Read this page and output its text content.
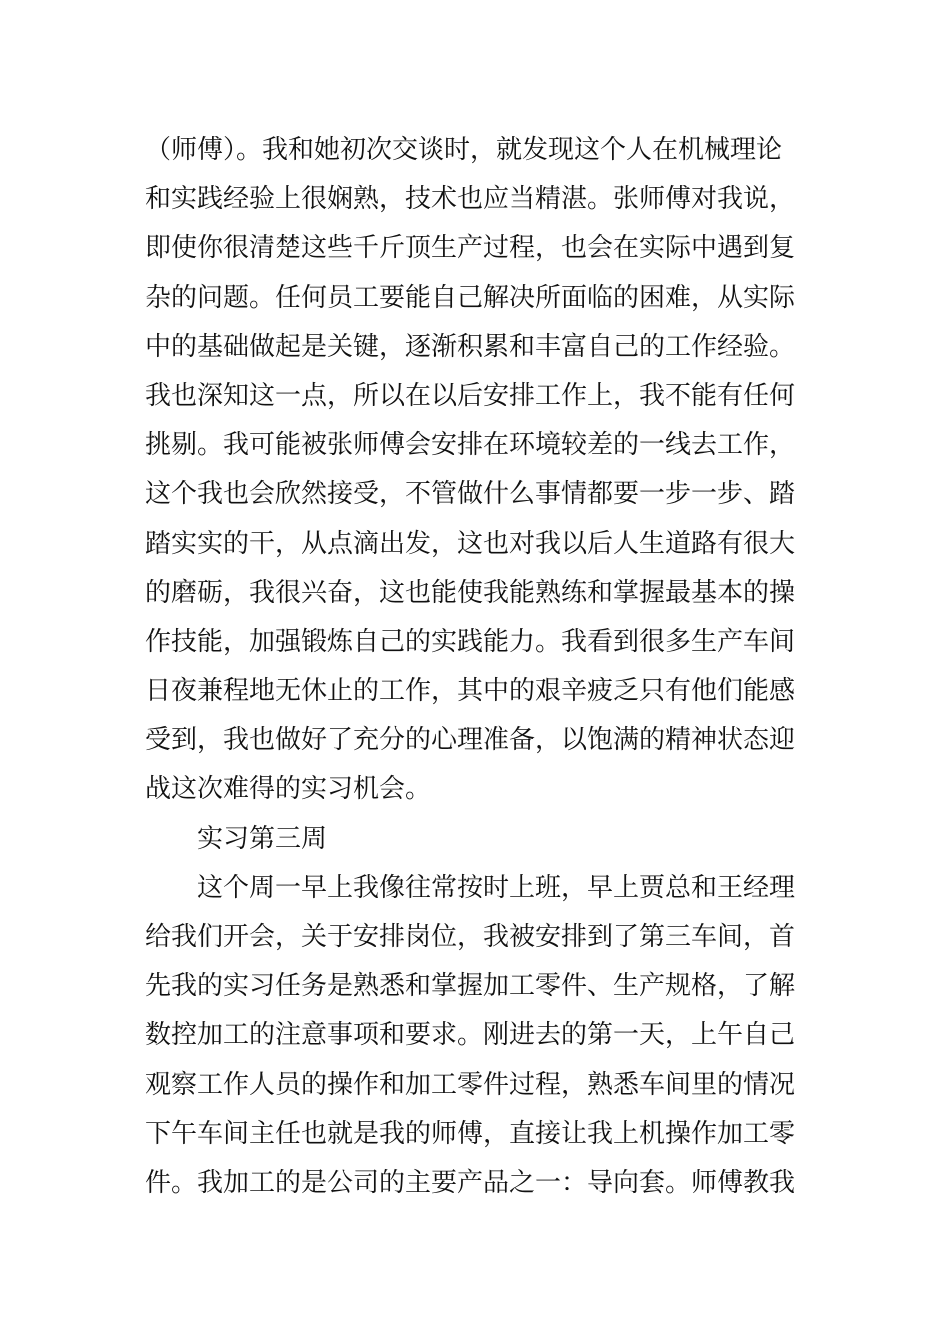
（师傅）。我和她初次交谈时，就发现这个人在机械理论
和实践经验上很娴熟，技术也应当精湛。张师傅对我说，
即使你很清楚这些千斤顶生产过程，也会在实际中遇到复
杂的问题。任何员工要能自己解决所面临的困难，从实际
中的基础做起是关键，逐渐积累和丰富自己的工作经验。
我也深知这一点，所以在以后安排工作上，我不能有任何
挑剔。我可能被张师傅会安排在环境较差的一线去工作，
这个我也会欣然接受，不管做什么事情都要一步一步、踏
踏实实的干，从点滴出发，这也对我以后人生道路有很大
的磨砺，我很兴奋，这也能使我能熟练和掌握最基本的操
作技能，加强锻炼自己的实践能力。我看到很多生产车间
日夜兼程地无休止的工作，其中的艰辛疲乏只有他们能感
受到，我也做好了充分的心理准备，以饱满的精神状态迎
战这次难得的实习机会。
实习第三周
这个周一早上我像往常按时上班，早上贾总和王经理
给我们开会，关于安排岗位，我被安排到了第三车间，首
先我的实习任务是熟悉和掌握加工零件、生产规格，了解
数控加工的注意事项和要求。刚进去的第一天，上午自己
观察工作人员的操作和加工零件过程，熟悉车间里的情况
下午车间主任也就是我的师傅，直接让我上机操作加工零
件。我加工的是公司的主要产品之一：导向套。师傅教我
